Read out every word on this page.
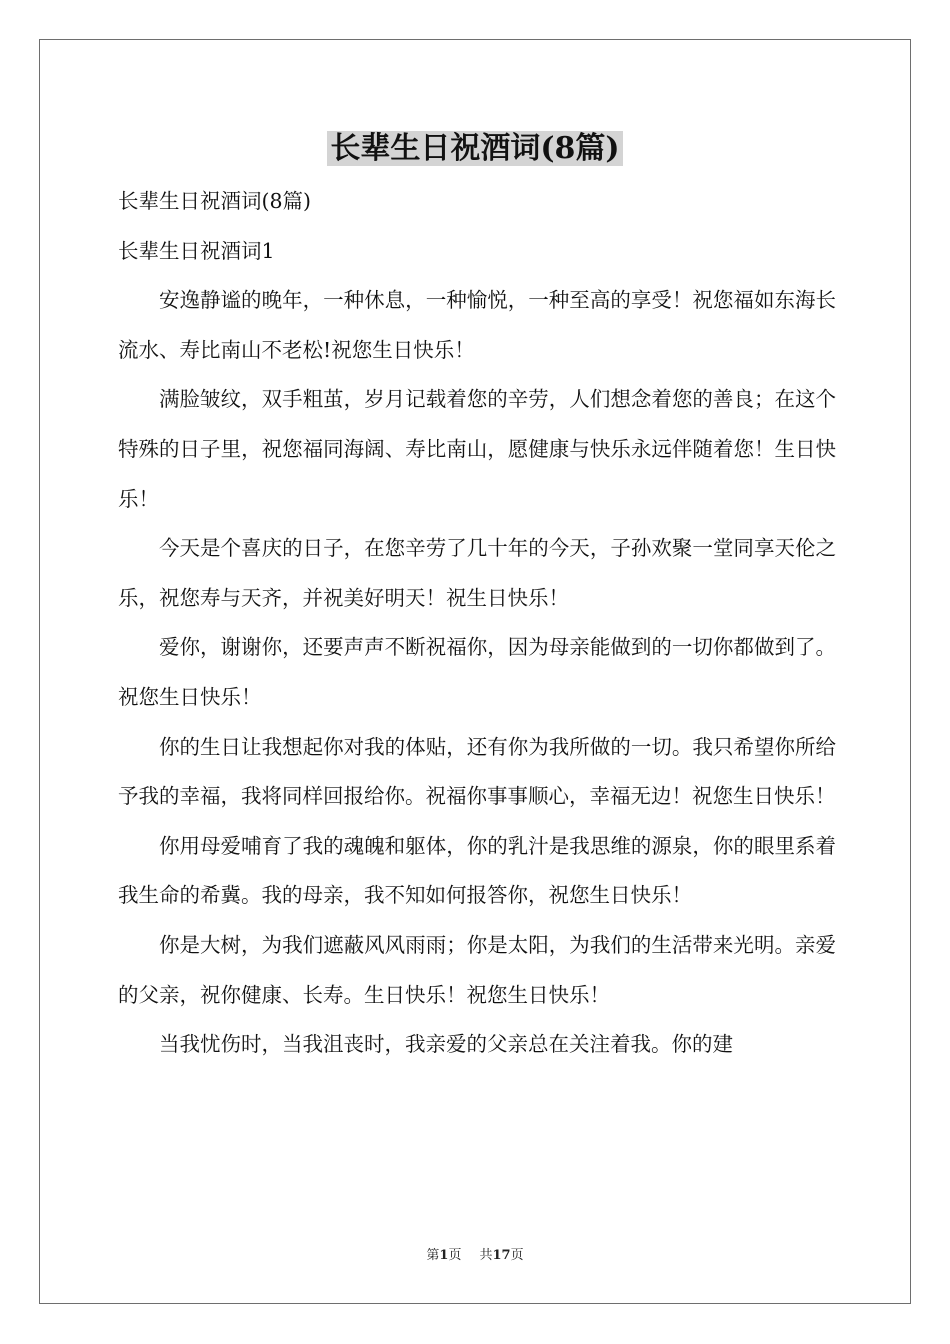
长辈生日祝酒词(8篇)

长辈生日祝酒词(8篇)

长辈生日祝酒词1

安逸静谧的晚年，一种休息，一种愉悦，一种至高的享受！祝您福如东海长流水、寿比南山不老松!祝您生日快乐！

满脸皱纹，双手粗茧，岁月记载着您的辛劳，人们想念着您的善良；在这个特殊的日子里，祝您福同海阔、寿比南山，愿健康与快乐永远伴随着您！生日快乐！

今天是个喜庆的日子，在您辛劳了几十年的今天，子孙欢聚一堂同享天伦之乐，祝您寿与天齐，并祝美好明天！祝生日快乐！

爱你，谢谢你，还要声声不断祝福你，因为母亲能做到的一切你都做到了。祝您生日快乐！

你的生日让我想起你对我的体贴，还有你为我所做的一切。我只希望你所给予我的幸福，我将同样回报给你。祝福你事事顺心，幸福无边！祝您生日快乐！

你用母爱哺育了我的魂魄和躯体，你的乳汁是我思维的源泉，你的眼里系着我生命的希冀。我的母亲，我不知如何报答你，祝您生日快乐！

你是大树，为我们遮蔽风风雨雨；你是太阳，为我们的生活带来光明。亲爱的父亲，祝你健康、长寿。生日快乐！祝您生日快乐！

当我忧伤时，当我沮丧时，我亲爱的父亲总在关注着我。你的建

第1页 共17页
